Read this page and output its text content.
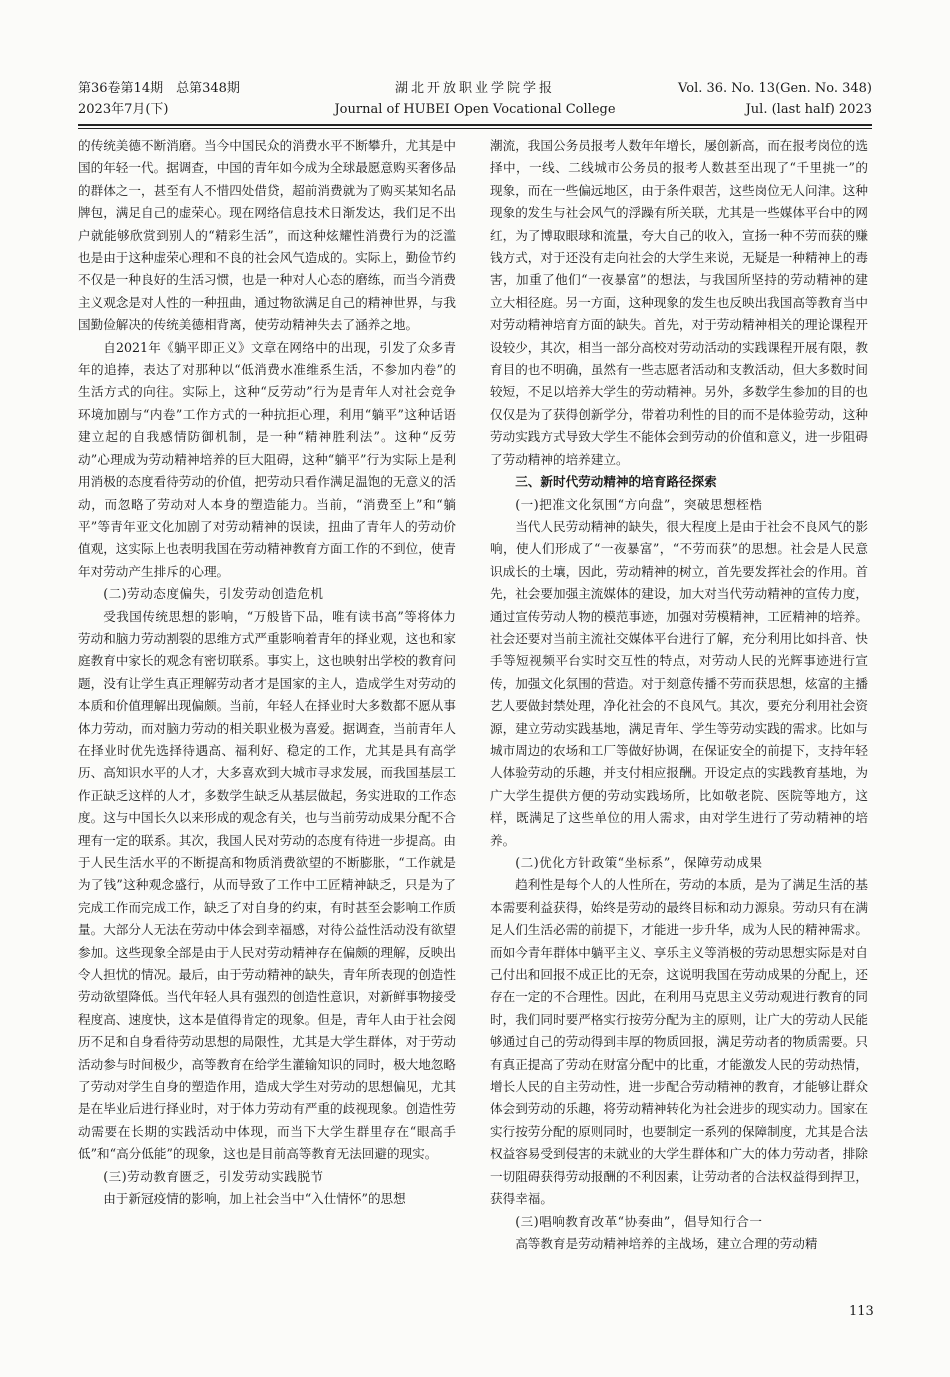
第36卷第14期　总第348期
2023年7月(下)
湖北开放职业学院学报
Journal of HUBEI Open Vocational College
Vol. 36. No. 13(Gen. No. 348)
Jul. (last half) 2023

的传统美德不断消磨。当今中国民众的消费水平不断攀升，尤其是中国的年轻一代。据调查，中国的青年如今成为全球最愿意购买奢侈品的群体之一，甚至有人不惜四处借贷，超前消费就为了购买某知名品牌包，满足自己的虚荣心。现在网络信息技术日渐发达，我们足不出户就能够欣赏到别人的“精彩生活”，而这种炫耀性消费行为的泛滥也是由于这种虚荣心理和不良的社会风气造成的。实际上，勤俭节约不仅是一种良好的生活习惯，也是一种对人心态的磨练，而当今消费主义观念是对人性的一种扭曲，通过物欲满足自己的精神世界，与我国勤俭解决的传统美德相背离，使劳动精神失去了涵养之地。

自2021年《躺平即正义》文章在网络中的出现，引发了众多青年的追捧，表达了对那种以“低消费水准维系生活，不参加内卷”的生活方式的向往。实际上，这种“反劳动”行为是青年人对社会竞争环境加剧与“内卷”工作方式的一种抗拒心理，利用“躺平”这种话语建立起的自我感情防御机制，是一种“精神胜利法”。这种“反劳动”心理成为劳动精神培养的巨大阻碍，这种“躺平”行为实际上是利用消极的态度看待劳动的价值，把劳动只看作满足温饱的无意义的活动，而忽略了劳动对人本身的塑造能力。当前，“消费至上”和“躺平”等青年亚文化加剧了对劳动精神的误读，扭曲了青年人的劳动价值观，这实际上也表明我国在劳动精神教育方面工作的不到位，使青年对劳动产生排斥的心理。

(二)劳动态度偏失，引发劳动创造危机

受我国传统思想的影响，“万般皆下品，唯有读书高”等将体力劳动和脑力劳动割裂的思维方式严重影响着青年的择业观，这也和家庭教育中家长的观念有密切联系。事实上，这也映射出学校的教育问题，没有让学生真正理解劳动者才是国家的主人，造成学生对劳动的本质和价值理解出现偏颇。当前，年轻人在择业时大多数都不愿从事体力劳动，而对脑力劳动的相关职业极为喜爱。据调查，当前青年人在择业时优先选择待遇高、福利好、稳定的工作，尤其是具有高学历、高知识水平的人才，大多喜欢到大城市寻求发展，而我国基层工作正缺乏这样的人才，多数学生缺乏从基层做起，务实进取的工作态度。这与中国长久以来形成的观念有关，也与当前劳动成果分配不合理有一定的联系。其次，我国人民对劳动的态度有待进一步提高。由于人民生活水平的不断提高和物质消费欲望的不断膨胀，“工作就是为了钱”这种观念盛行，从而导致了工作中工匠精神缺乏，只是为了完成工作而完成工作，缺乏了对自身的约束，有时甚至会影响工作质量。大部分人无法在劳动中体会到幸福感，对待公益性活动没有欲望参加。这些现象全部是由于人民对劳动精神存在偏颇的理解，反映出令人担忧的情况。最后，由于劳动精神的缺失，青年所表现的创造性劳动欲望降低。当代年轻人具有强烈的创造性意识，对新鲜事物接受程度高、速度快，这本是值得肯定的现象。但是，青年人由于社会阅历不足和自身看待劳动思想的局限性，尤其是大学生群体，对于劳动活动参与时间极少，高等教育在给学生灌输知识的同时，极大地忽略了劳动对学生自身的塑造作用，造成大学生对劳动的思想偏见，尤其是在毕业后进行择业时，对于体力劳动有严重的歧视现象。创造性劳动需要在长期的实践活动中体现，而当下大学生群里存在“眼高手低”和“高分低能”的现象，这也是目前高等教育无法回避的现实。

(三)劳动教育匮乏，引发劳动实践脱节

由于新冠疫情的影响，加上社会当中“入仕情怀”的思想

潮流，我国公务员报考人数年年增长，屡创新高，而在报考岗位的选择中，一线、二线城市公务员的报考人数甚至出现了“千里挑一”的现象，而在一些偏远地区，由于条件艰苦，这些岗位无人问津。这种现象的发生与社会风气的浮躁有所关联，尤其是一些媒体平台中的网红，为了博取眼球和流量，夸大自己的收入，宣扬一种不劳而获的赚钱方式，对于还没有走向社会的大学生来说，无疑是一种精神上的毒害，加重了他们“一夜暴富”的想法，与我国所坚持的劳动精神的建立大相径庭。另一方面，这种现象的发生也反映出我国高等教育当中对劳动精神培育方面的缺失。首先，对于劳动精神相关的理论课程开设较少，其次，相当一部分高校对劳动活动的实践课程开展有限，教育目的也不明确，虽然有一些志愿者活动和支教活动，但大多数时间较短，不足以培养大学生的劳动精神。另外，多数学生参加的目的也仅仅是为了获得创新学分，带着功利性的目的而不是体验劳动，这种劳动实践方式导致大学生不能体会到劳动的价值和意义，进一步阻碍了劳动精神的培养建立。

三、新时代劳动精神的培育路径探索
(一)把准文化氛围“方向盘”，突破思想桎梏

当代人民劳动精神的缺失，很大程度上是由于社会不良风气的影响，使人们形成了“一夜暴富”，“不劳而获”的思想。社会是人民意识成长的土壤，因此，劳动精神的树立，首先要发挥社会的作用。首先，社会要加强主流媒体的建设，加大对当代劳动精神的宣传力度，通过宣传劳动人物的模范事迹，加强对劳模精神，工匠精神的培养。社会还要对当前主流社交媒体平台进行了解，充分利用比如抖音、快手等短视频平台实时交互性的特点，对劳动人民的光辉事迹进行宣传，加强文化氛围的营造。对于刻意传播不劳而获思想，炫富的主播艺人要做封禁处理，净化社会的不良风气。其次，要充分利用社会资源，建立劳动实践基地，满足青年、学生等劳动实践的需求。比如与城市周边的农场和工厂等做好协调，在保证安全的前提下，支持年轻人体验劳动的乐趣，并支付相应报酬。开设定点的实践教育基地，为广大学生提供方便的劳动实践场所，比如敬老院、医院等地方，这样，既满足了这些单位的用人需求，由对学生进行了劳动精神的培养。

(二)优化方针政策“坐标系”，保障劳动成果

趋利性是每个人的人性所在，劳动的本质，是为了满足生活的基本需要利益获得，始终是劳动的最终目标和动力源泉。劳动只有在满足人们生活必需的前提下，才能进一步升华，成为人民的精神需求。而如今青年群体中躺平主义、享乐主义等消极的劳动思想实际是对自己付出和回报不成正比的无奈，这说明我国在劳动成果的分配上，还存在一定的不合理性。因此，在利用马克思主义劳动观进行教育的同时，我们同时要严格实行按劳分配为主的原则，让广大的劳动人民能够通过自己的劳动得到丰厚的物质回报，满足劳动者的物质需要。只有真正提高了劳动在财富分配中的比重，才能激发人民的劳动热情，增长人民的自主劳动性，进一步配合劳动精神的教育，才能够让群众体会到劳动的乐趣，将劳动精神转化为社会进步的现实动力。国家在实行按劳分配的原则同时，也要制定一系列的保障制度，尤其是合法权益容易受到侵害的未就业的大学生群体和广大的体力劳动者，排除一切阻碍获得劳动报酬的不利因素，让劳动者的合法权益得到捍卫，获得幸福。

(三)唱响教育改革“协奏曲”，倡导知行合一

高等教育是劳动精神培养的主战场，建立合理的劳动精

113
